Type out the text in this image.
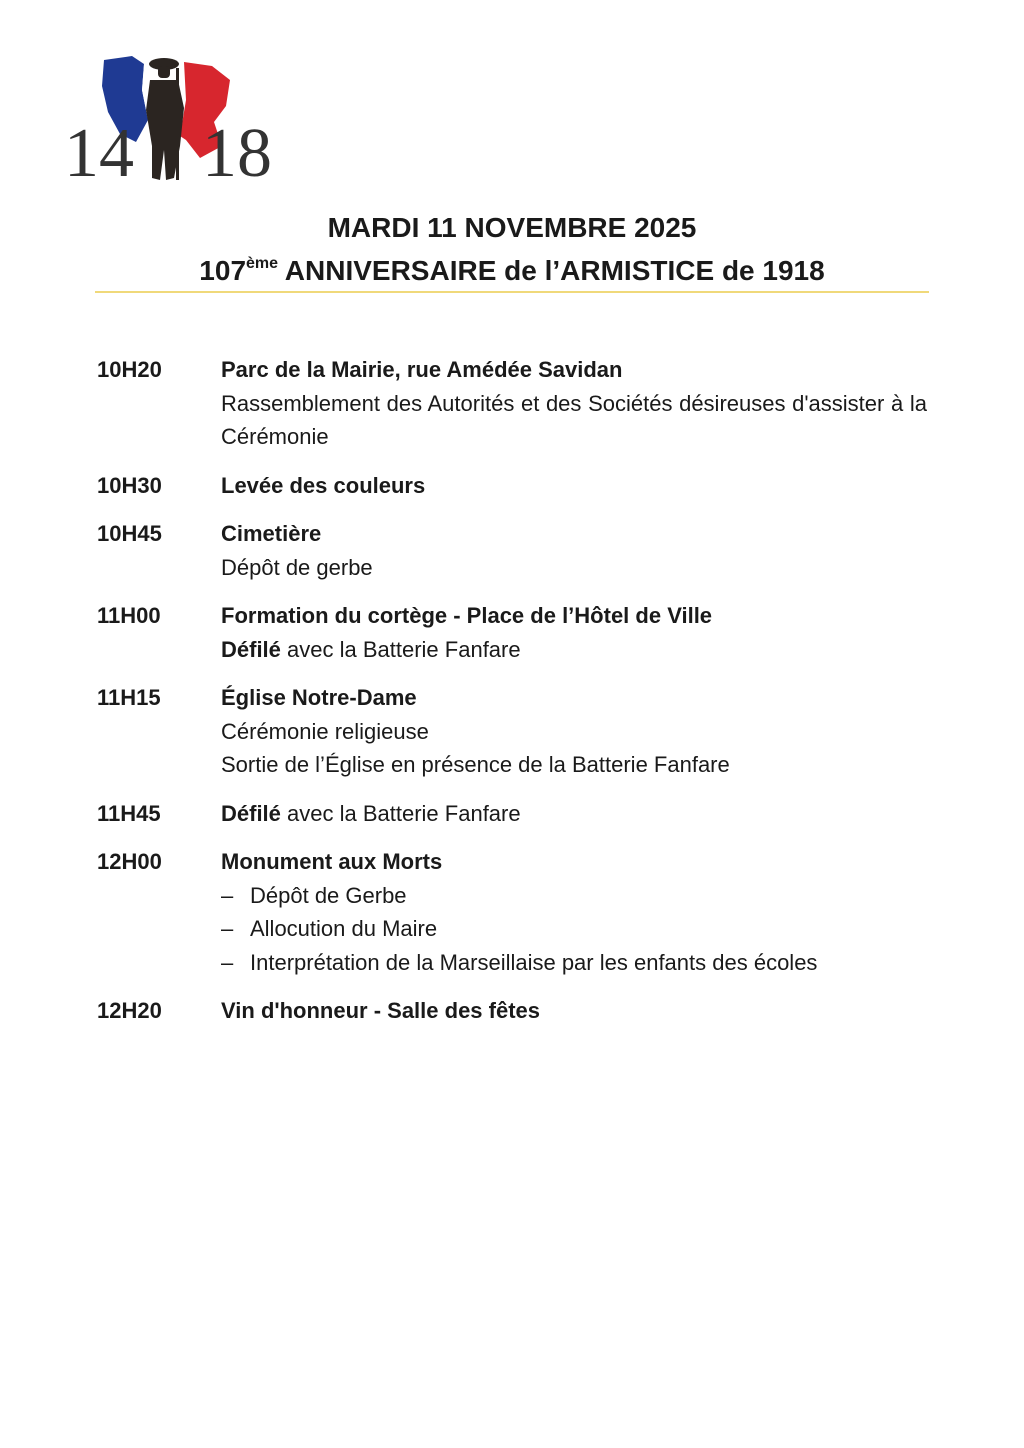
14 18
MARDI 11 NOVEMBRE 2025
107ème ANNIVERSAIRE de l’ARMISTICE de 1918
10H20	Parc de la Mairie, rue Amédée Savidan
Rassemblement des Autorités et des Sociétés désireuses d'assister à la Cérémonie
10H30	Levée des couleurs
10H45	Cimetière
Dépôt de gerbe
11H00	Formation du cortège - Place de l’Hôtel de Ville
Défilé avec la Batterie Fanfare
11H15	Église Notre-Dame
Cérémonie religieuse
Sortie de l’Église en présence de la Batterie Fanfare
11H45	Défilé avec la Batterie Fanfare
12H00	Monument aux Morts
– Dépôt de Gerbe
– Allocution du Maire
– Interprétation de la Marseillaise par les enfants des écoles
12H20	Vin d'honneur - Salle des fêtes
